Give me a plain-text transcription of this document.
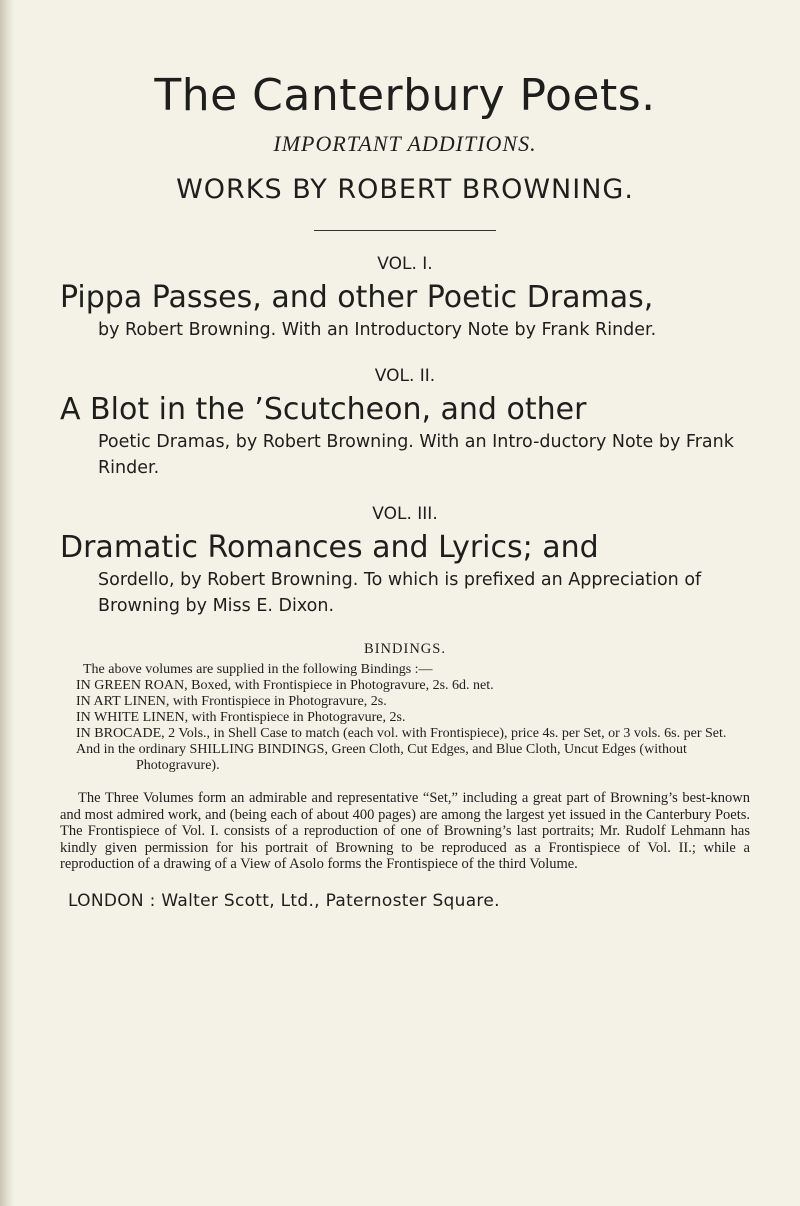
The Canterbury Poets.
IMPORTANT ADDITIONS.
WORKS BY ROBERT BROWNING.
VOL. I.
Pippa Passes, and other Poetic Dramas,
by Robert Browning. With an Introductory Note by Frank Rinder.
VOL. II.
A Blot in the ’Scutcheon, and other
Poetic Dramas, by Robert Browning. With an Intro-ductory Note by Frank Rinder.
VOL. III.
Dramatic Romances and Lyrics; and
Sordello, by Robert Browning. To which is prefixed an Appreciation of Browning by Miss E. Dixon.
BINDINGS.
The above volumes are supplied in the following Bindings :—
IN GREEN ROAN, Boxed, with Frontispiece in Photogravure, 2s. 6d. net.
IN ART LINEN, with Frontispiece in Photogravure, 2s.
IN WHITE LINEN, with Frontispiece in Photogravure, 2s.
IN BROCADE, 2 Vols., in Shell Case to match (each vol. with Frontispiece), price 4s. per Set, or 3 vols. 6s. per Set.
And in the ordinary SHILLING BINDINGS, Green Cloth, Cut Edges, and Blue Cloth, Uncut Edges (without Photogravure).
The Three Volumes form an admirable and representative “Set,” including a great part of Browning’s best-known and most admired work, and (being each of about 400 pages) are among the largest yet issued in the Canterbury Poets. The Frontispiece of Vol. I. consists of a reproduction of one of Browning’s last portraits; Mr. Rudolf Lehmann has kindly given permission for his portrait of Browning to be reproduced as a Frontispiece of Vol. II.; while a reproduction of a drawing of a View of Asolo forms the Frontispiece of the third Volume.
LONDON : Walter Scott, Ltd., Paternoster Square.
